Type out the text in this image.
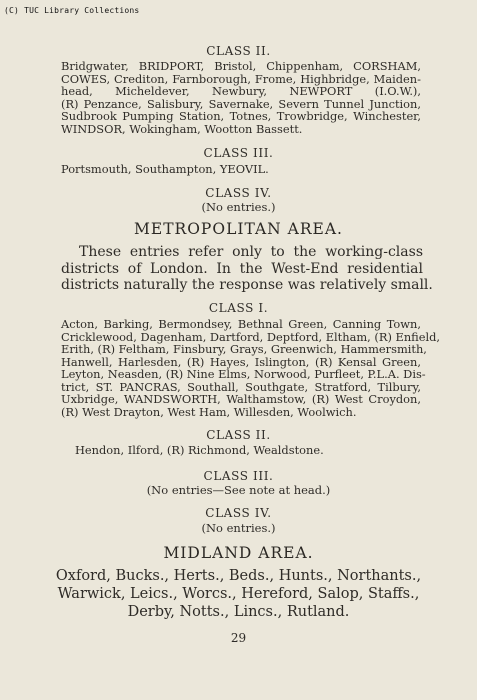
(C) TUC Library Collections
CLASS II.
Bridgwater, BRIDPORT, Bristol, Chippenham, CORSHAM,
COWES, Crediton, Farnborough, Frome, Highbridge, Maiden-
head, Micheldever, Newbury, NEWPORT (I.O.W.),
(R) Penzance, Salisbury, Savernake, Severn Tunnel Junction,
Sudbrook Pumping Station, Totnes, Trowbridge, Winchester,
WINDSOR, Wokingham, Wootton Bassett.
CLASS III.
Portsmouth, Southampton, YEOVIL.
CLASS IV.
(No entries.)
METROPOLITAN AREA.
These entries refer only to the working-class
districts of London. In the West-End residential
districts naturally the response was relatively small.
CLASS I.
Acton, Barking, Bermondsey, Bethnal Green, Canning Town,
Cricklewood, Dagenham, Dartford, Deptford, Eltham, (R) Enfield,
Erith, (R) Feltham, Finsbury, Grays, Greenwich, Hammersmith,
Hanwell, Harlesden, (R) Hayes, Islington, (R) Kensal Green,
Leyton, Neasden, (R) Nine Elms, Norwood, Purfleet, P.L.A. Dis-
trict, ST. PANCRAS, Southall, Southgate, Stratford, Tilbury,
Uxbridge, WANDSWORTH, Walthamstow, (R) West Croydon,
(R) West Drayton, West Ham, Willesden, Woolwich.
CLASS II.
Hendon, Ilford, (R) Richmond, Wealdstone.
CLASS III.
(No entries—See note at head.)
CLASS IV.
(No entries.)
MIDLAND AREA.
Oxford, Bucks., Herts., Beds., Hunts., Northants.,
Warwick, Leics., Worcs., Hereford, Salop, Staffs.,
Derby, Notts., Lincs., Rutland.
29
